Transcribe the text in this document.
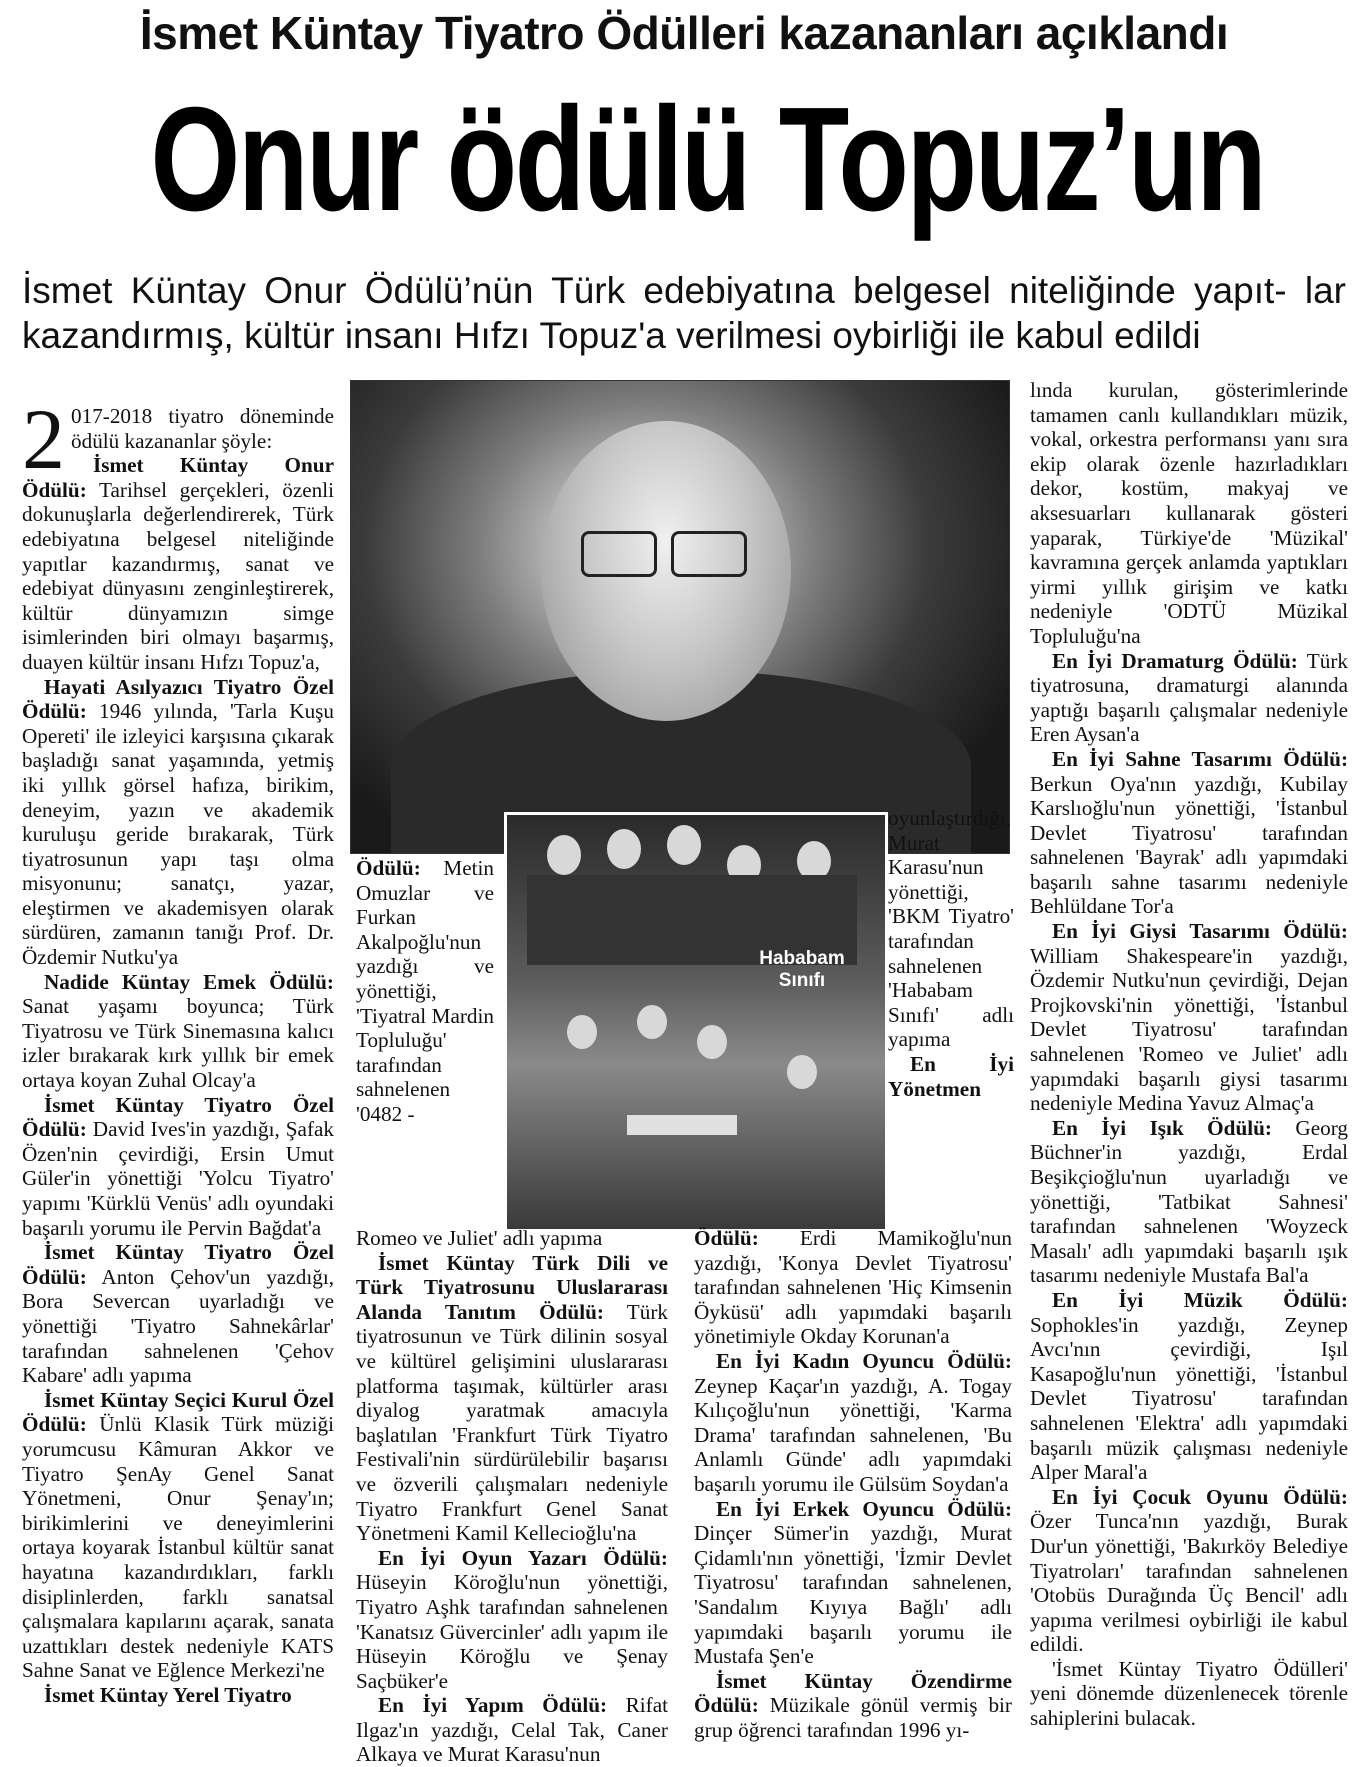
İsmet Küntay Tiyatro Ödülleri kazananları açıklandı
Onur ödülü Topuz’un
İsmet Küntay Onur Ödülü’nün Türk edebiyatına belgesel niteliğinde yapıt- lar kazandırmış, kültür insanı Hıfzı Topuz'a verilmesi oybirliği ile kabul edildi

2 017-2018 tiyatro döneminde ödülü kazananlar şöyle:

İsmet Küntay Onur Ödülü: Tarihsel gerçekleri, özenli dokunuşlarla değerlendirerek, Türk edebiyatına belgesel niteliğinde yapıtlar kazandırmış, sanat ve edebiyat dünyasını zenginleştirerek, kültür dünyamızın simge isimlerinden biri olmayı başarmış, duayen kültür insanı Hıfzı Topuz'a,

Hayati Asılyazıcı Tiyatro Özel Ödülü: 1946 yılında, 'Tarla Kuşu Opereti' ile izleyici karşısına çıkarak başladığı sanat yaşamında, yetmiş iki yıllık görsel hafıza, birikim, deneyim, yazın ve akademik kuruluşu geride bırakarak, Türk tiyatrosunun yapı taşı olma misyonunu; sanatçı, yazar, eleştirmen ve akademisyen olarak sürdüren, zamanın tanığı Prof. Dr. Özdemir Nutku'ya

Nadide Küntay Emek Ödülü: Sanat yaşamı boyunca; Türk Tiyatrosu ve Türk Sinemasına kalıcı izler bırakarak kırk yıllık bir emek ortaya koyan Zuhal Olcay'a

İsmet Küntay Tiyatro Özel Ödülü: David Ives'in yazdığı, Şafak Özen'nin çevirdiği, Ersin Umut Güler'in yönettiği 'Yolcu Tiyatro' yapımı 'Kürklü Venüs' adlı oyundaki başarılı yorumu ile Pervin Bağdat'a

İsmet Küntay Tiyatro Özel Ödülü: Anton Çehov'un yazdığı, Bora Severcan uyarladığı ve yönettiği 'Tiyatro Sahnekârlar' tarafından sahnelenen 'Çehov Kabare' adlı yapıma

İsmet Küntay Seçici Kurul Özel Ödülü: Ünlü Klasik Türk müziği yorumcusu Kâmuran Akkor ve Tiyatro ŞenAy Genel Sanat Yönetmeni, Onur Şenay'ın; birikimlerini ve deneyimlerini ortaya koyarak İstanbul kültür sanat hayatına kazandırdıkları, farklı disiplinlerden, farklı sanatsal çalışmalara kapılarını açarak, sanata uzattıkları destek nedeniyle KATS Sahne Sanat ve Eğlence Merkezi'ne

İsmet Küntay Yerel Tiyatro

Ödülü: Metin Omuzlar ve Furkan Akalpoğlu'nun yazdığı ve yönettiği, 'Tiyatral Mardin Topluluğu' tarafından sahnelenen '0482 -

Hababam Sınıfı

oyunlaştırdığı, Murat Karasu'nun yönettiği, 'BKM Tiyatro' tarafından sahnelenen 'Hababam Sınıfı' adlı yapıma

En İyi Yönetmen

Romeo ve Juliet' adlı yapıma

İsmet Küntay Türk Dili ve Türk Tiyatrosunu Uluslararası Alanda Tanıtım Ödülü: Türk tiyatrosunun ve Türk dilinin sosyal ve kültürel gelişimini uluslararası platforma taşımak, kültürler arası diyalog yaratmak amacıyla başlatılan 'Frankfurt Türk Tiyatro Festivali'nin sürdürülebilir başarısı ve özverili çalışmaları nedeniyle Tiyatro Frankfurt Genel Sanat Yönetmeni Kamil Kellecioğlu'na

En İyi Oyun Yazarı Ödülü: Hüseyin Köroğlu'nun yönettiği, Tiyatro Aşhk tarafından sahnelenen 'Kanatsız Güvercinler' adlı yapım ile Hüseyin Köroğlu ve Şenay Saçbüker'e

En İyi Yapım Ödülü: Rifat Ilgaz'ın yazdığı, Celal Tak, Caner Alkaya ve Murat Karasu'nun

Ödülü: Erdi Mamikoğlu'nun yazdığı, 'Konya Devlet Tiyatrosu' tarafından sahnelenen 'Hiç Kimsenin Öyküsü' adlı yapımdaki başarılı yönetimiyle Okday Korunan'a

En İyi Kadın Oyuncu Ödülü: Zeynep Kaçar'ın yazdığı, A. Togay Kılıçoğlu'nun yönettiği, 'Karma Drama' tarafından sahnelenen, 'Bu Anlamlı Günde' adlı yapımdaki başarılı yorumu ile Gülsüm Soydan'a

En İyi Erkek Oyuncu Ödülü: Dinçer Sümer'in yazdığı, Murat Çidamlı'nın yönettiği, 'İzmir Devlet Tiyatrosu' tarafından sahnelenen, 'Sandalım Kıyıya Bağlı' adlı yapımdaki başarılı yorumu ile Mustafa Şen'e

İsmet Küntay Özendirme Ödülü: Müzikale gönül vermiş bir grup öğrenci tarafından 1996 yı-

lında kurulan, gösterimlerinde tamamen canlı kullandıkları müzik, vokal, orkestra performansı yanı sıra ekip olarak özenle hazırladıkları dekor, kostüm, makyaj ve aksesuarları kullanarak gösteri yaparak, Türkiye'de 'Müzikal' kavramına gerçek anlamda yaptıkları yirmi yıllık girişim ve katkı nedeniyle 'ODTÜ Müzikal Topluluğu'na

En İyi Dramaturg Ödülü: Türk tiyatrosuna, dramaturgi alanında yaptığı başarılı çalışmalar nedeniyle Eren Aysan'a

En İyi Sahne Tasarımı Ödülü: Berkun Oya'nın yazdığı, Kubilay Karslıoğlu'nun yönettiği, 'İstanbul Devlet Tiyatrosu' tarafından sahnelenen 'Bayrak' adlı yapımdaki başarılı sahne tasarımı nedeniyle Behlüldane Tor'a

En İyi Giysi Tasarımı Ödülü: William Shakespeare'in yazdığı, Özdemir Nutku'nun çevirdiği, Dejan Projkovski'nin yönettiği, 'İstanbul Devlet Tiyatrosu' tarafından sahnelenen 'Romeo ve Juliet' adlı yapımdaki başarılı giysi tasarımı nedeniyle Medina Yavuz Almaç'a

En İyi Işık Ödülü: Georg Büchner'in yazdığı, Erdal Beşikçioğlu'nun uyarladığı ve yönettiği, 'Tatbikat Sahnesi' tarafından sahnelenen 'Woyzeck Masalı' adlı yapımdaki başarılı ışık tasarımı nedeniyle Mustafa Bal'a

En İyi Müzik Ödülü: Sophokles'in yazdığı, Zeynep Avcı'nın çevirdiği, Işıl Kasapoğlu'nun yönettiği, 'İstanbul Devlet Tiyatrosu' tarafından sahnelenen 'Elektra' adlı yapımdaki başarılı müzik çalışması nedeniyle Alper Maral'a

En İyi Çocuk Oyunu Ödülü: Özer Tunca'nın yazdığı, Burak Dur'un yönettiği, 'Bakırköy Belediye Tiyatroları' tarafından sahnelenen 'Otobüs Durağında Üç Bencil' adlı yapıma verilmesi oybirliği ile kabul edildi.

'İsmet Küntay Tiyatro Ödülleri' yeni dönemde düzenlenecek törenle sahiplerini bulacak.
